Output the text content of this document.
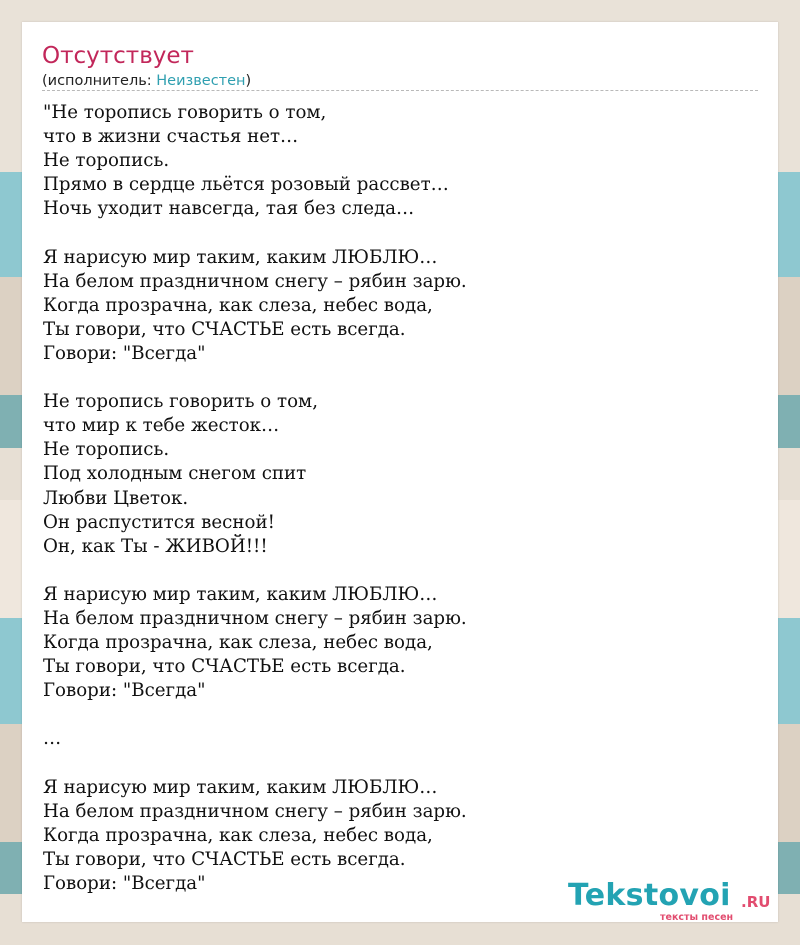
Отсутствует
(исполнитель: Неизвестен)
"Не торопись говорить о том,
что в жизни счастья нет…
Не торопись.
Прямо в сердце льётся розовый рассвет…
Ночь уходит навсегда, тая без следа…

Я нарисую мир таким, каким ЛЮБЛЮ…
На белом праздничном снегу – рябин зарю.
Когда прозрачна, как слеза, небес вода,
Ты говори, что СЧАСТЬЕ есть всегда.
Говори: "Всегда"

Не торопись говорить о том,
что мир к тебе жесток…
Не торопись.
Под холодным снегом спит
Любви Цветок.
Он распустится весной!
Он, как Ты - ЖИВОЙ!!!

Я нарисую мир таким, каким ЛЮБЛЮ…
На белом праздничном снегу – рябин зарю.
Когда прозрачна, как слеза, небес вода,
Ты говори, что СЧАСТЬЕ есть всегда.
Говори: "Всегда"

…

Я нарисую мир таким, каким ЛЮБЛЮ…
На белом праздничном снегу – рябин зарю.
Когда прозрачна, как слеза, небес вода,
Ты говори, что СЧАСТЬЕ есть всегда.
Говори: "Всегда"	Tekstovoi .RU
тексты песен
